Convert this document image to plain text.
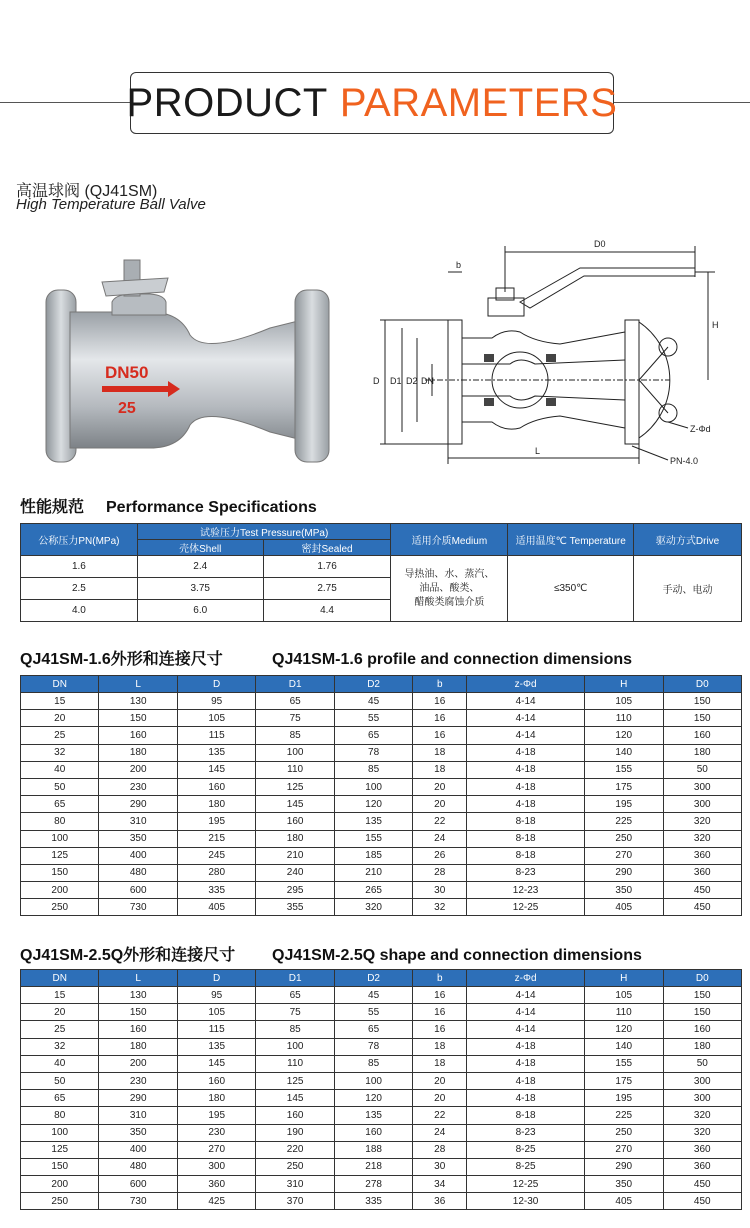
PRODUCT PARAMETERS
高温球阀 (QJ41SM)
High Temperature Ball Valve
DN50
25
D0
b
H
D D1 D2 DN
L
Z-Φd
PN-4.0
性能规范 Performance Specifications
公称压力PN(MPa)	试验压力Test Pressure(MPa)		适用介质Medium	适用温度℃ Temperature	驱动方式Drive
	壳体Shell	密封Sealed			
1.6	2.4	1.76	导热油、水、蒸汽、
油品、酸类、
醋酸类腐蚀介质	≤350℃	手动、电动
2.5	3.75	2.75			
4.0	6.0	4.4			
QJ41SM-1.6外形和连接尺寸	QJ41SM-1.6 profile and connection dimensions
DN	L	D	D1	D2	b	z-Φd	H	D0
15	130	95	65	45	16	4-14	105	150
20	150	105	75	55	16	4-14	110	150
25	160	115	85	65	16	4-14	120	160
32	180	135	100	78	18	4-18	140	180
40	200	145	110	85	18	4-18	155	50
50	230	160	125	100	20	4-18	175	300
65	290	180	145	120	20	4-18	195	300
80	310	195	160	135	22	8-18	225	320
100	350	215	180	155	24	8-18	250	320
125	400	245	210	185	26	8-18	270	360
150	480	280	240	210	28	8-23	290	360
200	600	335	295	265	30	12-23	350	450
250	730	405	355	320	32	12-25	405	450
QJ41SM-2.5Q外形和连接尺寸 QJ41SM-2.5Q shape and connection dimensions
DN	L	D	D1	D2	b	z-Φd	H	D0
15	130	95	65	45	16	4-14	105	150
20	150	105	75	55	16	4-14	110	150
25	160	115	85	65	16	4-14	120	160
32	180	135	100	78	18	4-18	140	180
40	200	145	110	85	18	4-18	155	50
50	230	160	125	100	20	4-18	175	300
65	290	180	145	120	20	4-18	195	300
80	310	195	160	135	22	8-18	225	320
100	350	230	190	160	24	8-23	250	320
125	400	270	220	188	28	8-25	270	360
150	480	300	250	218	30	8-25	290	360
200	600	360	310	278	34	12-25	350	450
250	730	425	370	335	36	12-30	405	450
